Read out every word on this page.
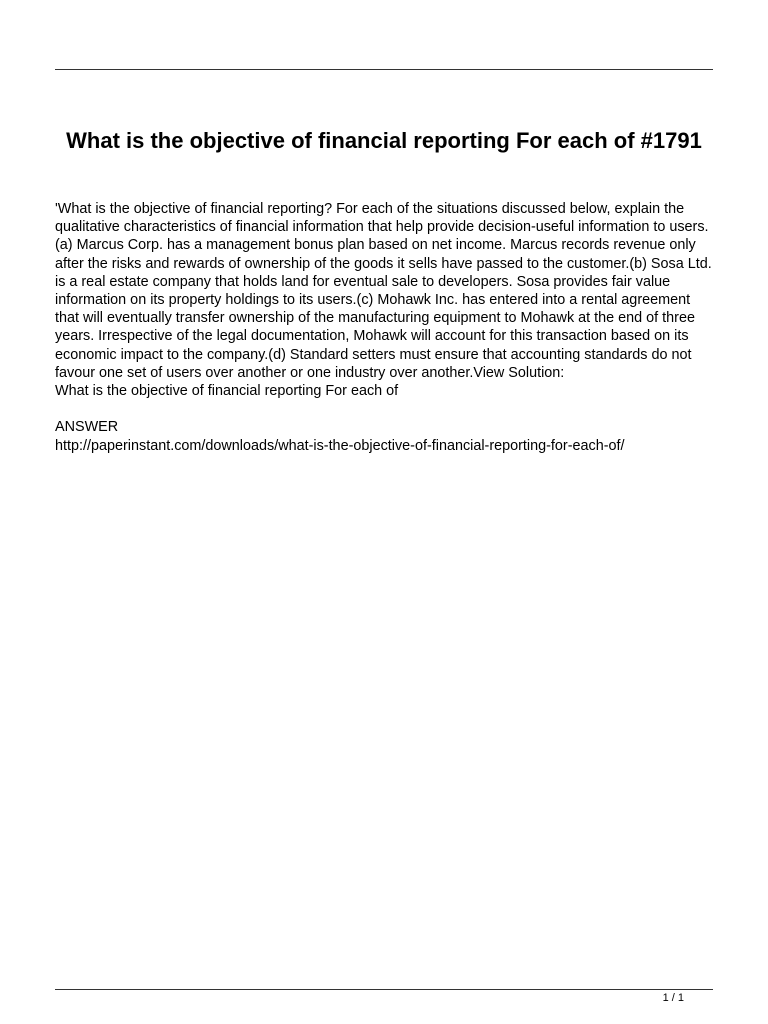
What is the objective of financial reporting For each of #1791

'What is the objective of financial reporting? For each of the situations discussed below, explain the qualitative characteristics of financial information that help provide decision-useful information to users.(a) Marcus Corp. has a management bonus plan based on net income. Marcus records revenue only after the risks and rewards of ownership of the goods it sells have passed to the customer.(b) Sosa Ltd. is a real estate company that holds land for eventual sale to developers. Sosa provides fair value information on its property holdings to its users.(c) Mohawk Inc. has entered into a rental agreement that will eventually transfer ownership of the manufacturing equipment to Mohawk at the end of three years. Irrespective of the legal documentation, Mohawk will account for this transaction based on its economic impact to the company.(d) Standard setters must ensure that accounting standards do not favour one set of users over another or one industry over another.View Solution:

What is the objective of financial reporting For each of

ANSWER

http://paperinstant.com/downloads/what-is-the-objective-of-financial-reporting-for-each-of/

1 / 1
